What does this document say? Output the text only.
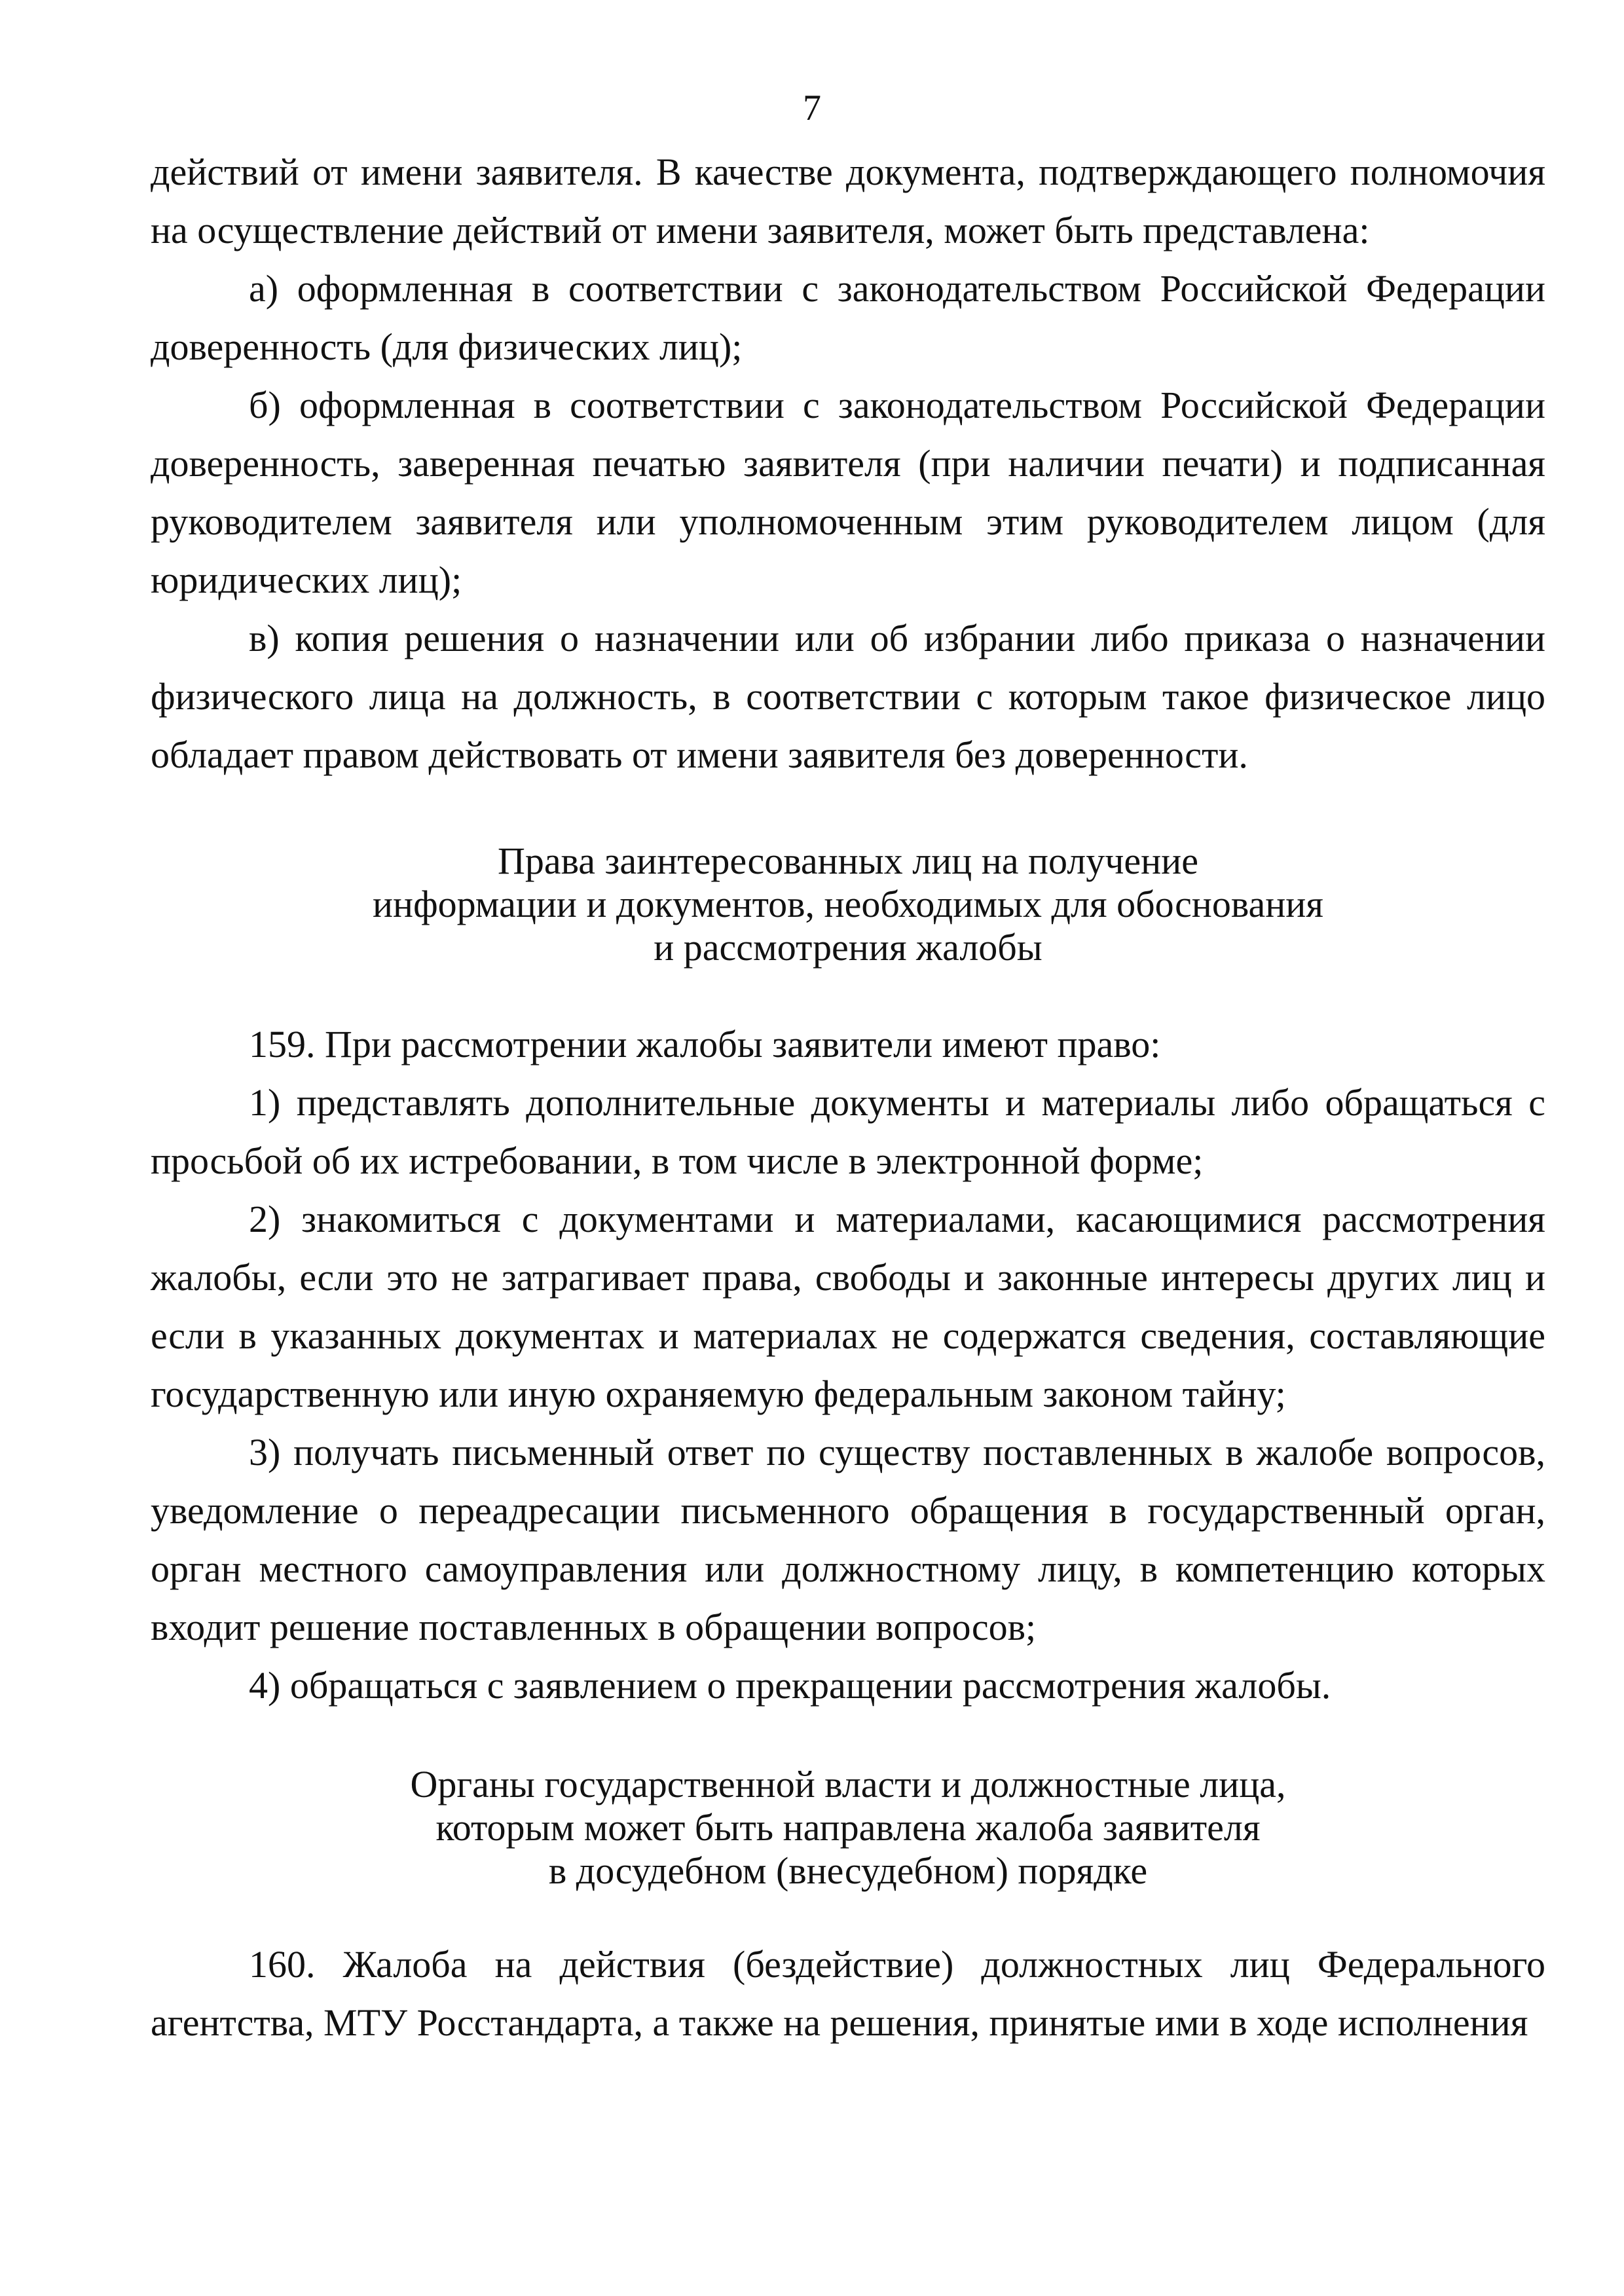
7

действий от имени заявителя. В качестве документа, подтверждающего полномочия на осуществление действий от имени заявителя, может быть представлена:

а) оформленная в соответствии с законодательством Российской Федерации доверенность (для физических лиц);

б) оформленная в соответствии с законодательством Российской Федерации доверенность, заверенная печатью заявителя (при наличии печати) и подписанная руководителем заявителя или уполномоченным этим руководителем лицом (для юридических лиц);

в) копия решения о назначении или об избрании либо приказа о назначении физического лица на должность, в соответствии с которым такое физическое лицо обладает правом действовать от имени заявителя без доверенности.

Права заинтересованных лиц на получение
информации и документов, необходимых для обоснования
и рассмотрения жалобы

159. При рассмотрении жалобы заявители имеют право:

1) представлять дополнительные документы и материалы либо обращаться с просьбой об их истребовании, в том числе в электронной форме;

2) знакомиться с документами и материалами, касающимися рассмотрения жалобы, если это не затрагивает права, свободы и законные интересы других лиц и если в указанных документах и материалах не содержатся сведения, составляющие государственную или иную охраняемую федеральным законом тайну;

3) получать письменный ответ по существу поставленных в жалобе вопросов, уведомление о переадресации письменного обращения в государственный орган, орган местного самоуправления или должностному лицу, в компетенцию которых входит решение поставленных в обращении вопросов;

4) обращаться с заявлением о прекращении рассмотрения жалобы.

Органы государственной власти и должностные лица,
которым может быть направлена жалоба заявителя
в досудебном (внесудебном) порядке

160. Жалоба на действия (бездействие) должностных лиц Федерального агентства, МТУ Росстандарта, а также на решения, принятые ими в ходе исполнения
